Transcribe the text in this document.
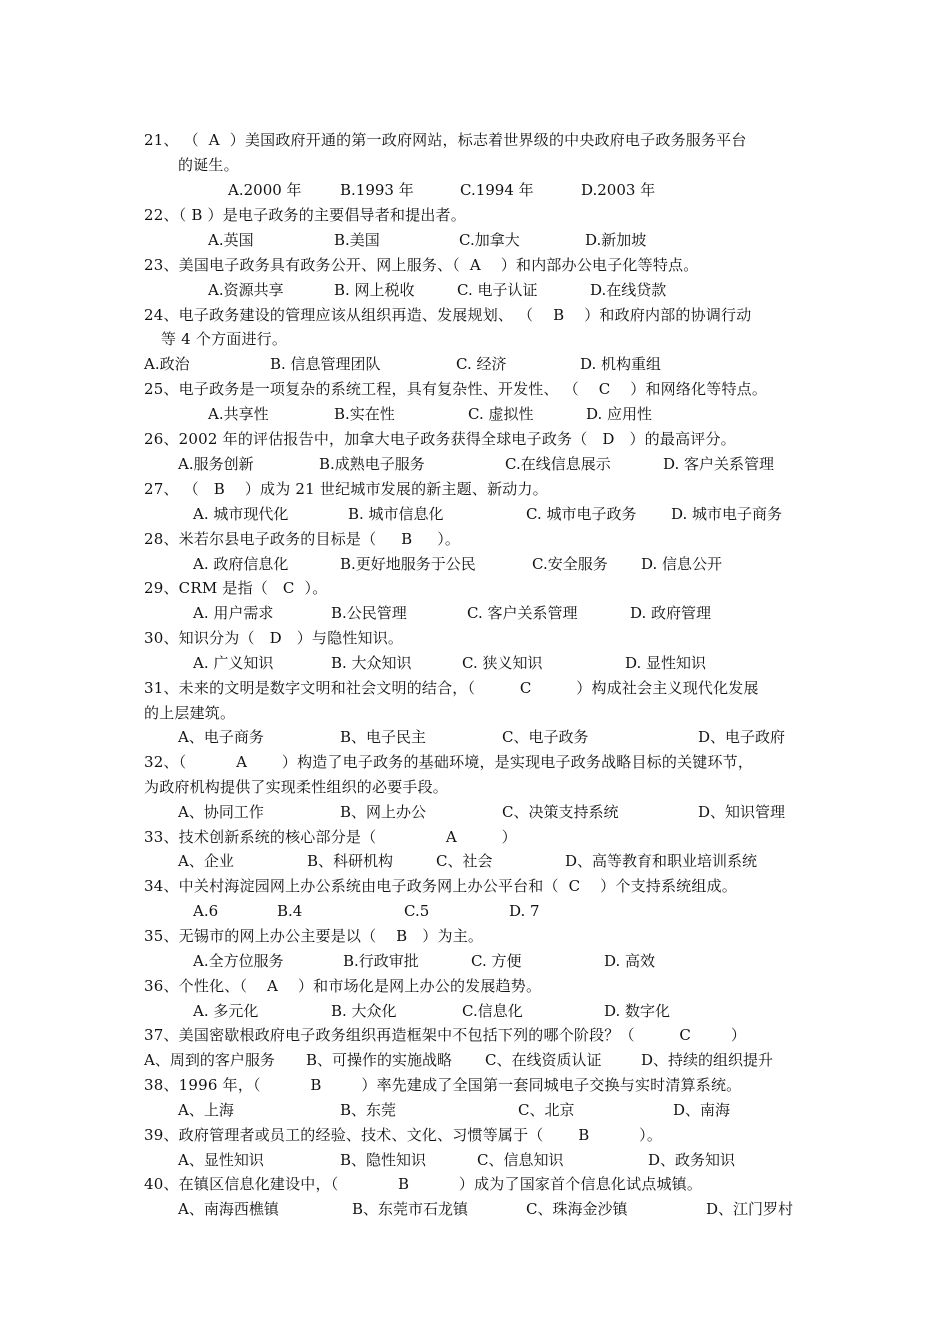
21、 （  A  ）美国政府开通的第一政府网站，标志着世界级的中央政府电子政务服务平台
的诞生。
A.2000 年	B.1993 年	C.1994 年	D.2003 年
22、（ B ）是电子政务的主要倡导者和提出者。
A.英国	B.美国	C.加拿大	D.新加坡
23、美国电子政务具有政务公开、网上服务、（  A    ）和内部办公电子化等特点。
A.资源共享	B. 网上税收	C. 电子认证	D.在线贷款
24、电子政务建设的管理应该从组织再造、发展规划、 （    B    ）和政府内部的协调行动
等 4 个方面进行。
A.政治	B. 信息管理团队	C. 经济	D. 机构重组
25、电子政务是一项复杂的系统工程，具有复杂性、开发性、 （    C    ）和网络化等特点。
A.共享性	B.实在性	C. 虚拟性	D. 应用性
26、2002 年的评估报告中，加拿大电子政务获得全球电子政务（   D   ）的最高评分。
A.服务创新	B.成熟电子服务	C.在线信息展示	D. 客户关系管理
27、 （   B    ）成为 21 世纪城市发展的新主题、新动力。
A. 城市现代化	B. 城市信息化	C. 城市电子政务 D. 城市电子商务
28、米若尔县电子政务的目标是（     B     ）。
A. 政府信息化	B.更好地服务于公民	C.安全服务 D. 信息公开
29、CRM 是指（   C  ）。
A. 用户需求	B.公民管理	C. 客户关系管理	D. 政府管理
30、知识分为（   D   ）与隐性知识。
A. 广义知识	B. 大众知识	C. 狭义知识	D. 显性知识
31、未来的文明是数字文明和社会文明的结合，（         C         ）构成社会主义现代化发展
的上层建筑。
A、电子商务	B、电子民主	C、电子政务	D、电子政府
32、（          A       ）构造了电子政务的基础环境，是实现电子政务战略目标的关键环节，
为政府机构提供了实现柔性组织的必要手段。
A、协同工作	B、网上办公	C、决策支持系统	D、知识管理
33、技术创新系统的核心部分是（              A         ）
A、企业	B、科研机构	C、社会	D、高等教育和职业培训系统
34、中关村海淀园网上办公系统由电子政务网上办公平台和（  C    ）个支持系统组成。
A.6	B.4	C.5	D. 7
35、无锡市的网上办公主要是以（    B   ）为主。
A.全方位服务	B.行政审批	C. 方便	D. 高效
36、个性化、（    A    ）和市场化是网上办公的发展趋势。
A. 多元化	B. 大众化	C.信息化	D. 数字化
37、美国密歇根政府电子政务组织再造框架中不包括下列的哪个阶段？（         C        ）
A、周到的客户服务 B、可操作的实施战略 C、在线资质认证	D、持续的组织提升
38、1996 年，（          B        ）率先建成了全国第一套同城电子交换与实时清算系统。
A、上海	B、东莞	C、北京	D、南海
39、政府管理者或员工的经验、技术、文化、习惯等属于（       B          ）。
A、显性知识	B、隐性知识	C、信息知识	D、政务知识
40、在镇区信息化建设中，（            B          ）成为了国家首个信息化试点城镇。
A、南海西樵镇	B、东莞市石龙镇	C、珠海金沙镇	D、江门罗村
